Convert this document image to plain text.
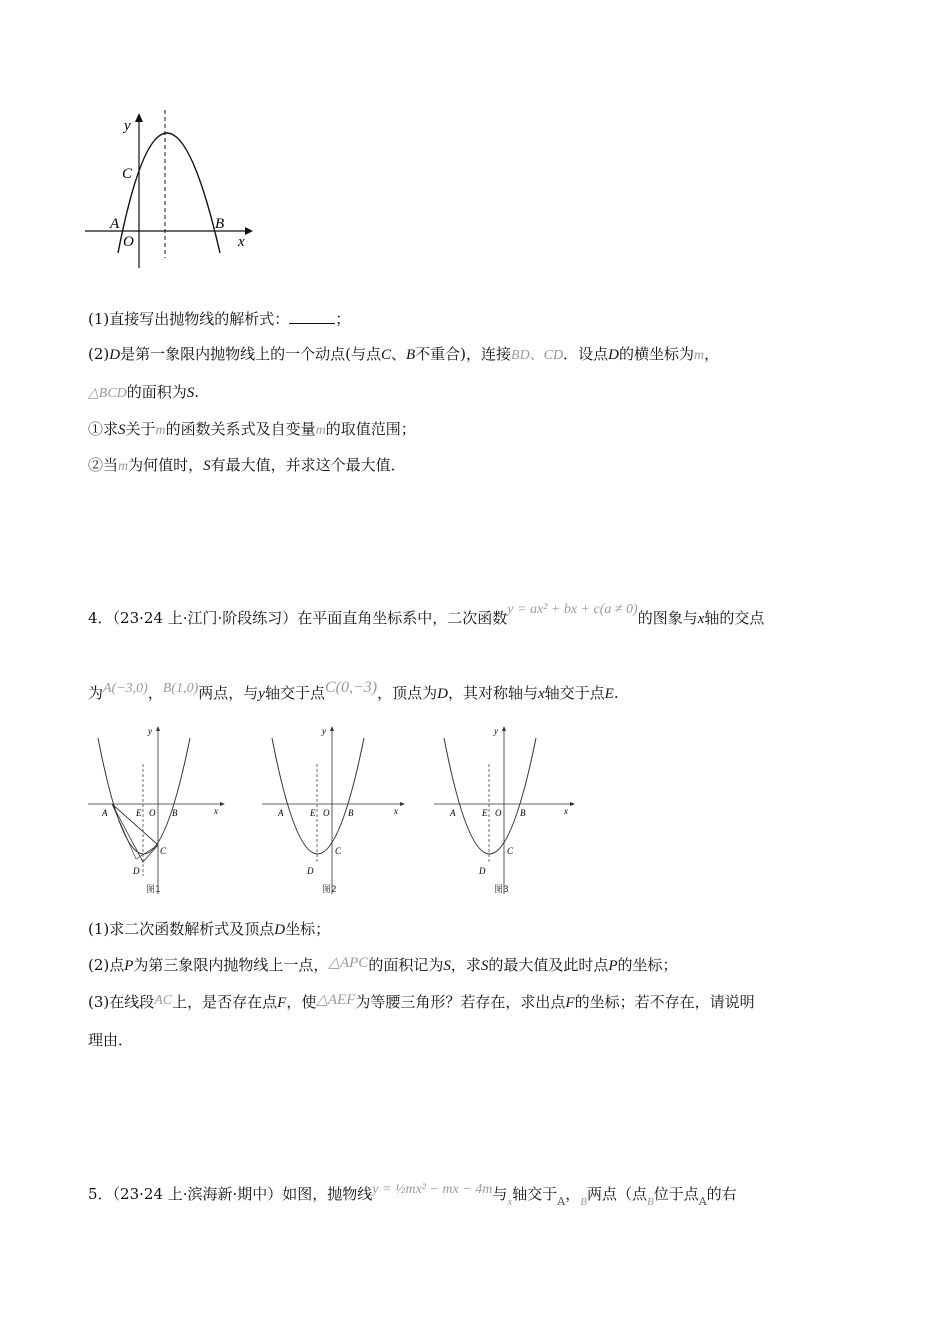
y
C
A
O
B
x
(1)直接写出抛物线的解析式：	；
(2)D是第一象限内抛物线上的一个动点(与点C、B不重合)，连接BD、CD．设点D的横坐标为m，
△BCD的面积为S.
①求S关于m的函数关系式及自变量m的取值范围；
②当m为何值时，S有最大值，并求这个最大值．
4．（23·24 上·江门·阶段练习）在平面直角坐标系中，二次函数y = ax² + bx + c(a ≠ 0)的图象与x轴的交点
为A(−3,0)，B(1,0)两点，与y轴交于点C(0,−3)，顶点为D，其对称轴与x轴交于点E.
y
x
A	E O B
C
D
图1
y
x
A	E O B
C
D
图2
y
x
A	E O B
C
D
图3
(1)求二次函数解析式及顶点D坐标；
(2)点P为第三象限内抛物线上一点，△APC的面积记为S，求S的最大值及此时点P的坐标；
(3)在线段AC上，是否存在点F，使△AEF为等腰三角形？若存在，求出点F的坐标；若不存在，请说明
理由．
5．（23·24 上·滨海新·期中）如图，抛物线y = ½mx² − mx − 4m与$_x$轴交于$_A$，$_B$两点（点$_B$位于点$_A$的右
